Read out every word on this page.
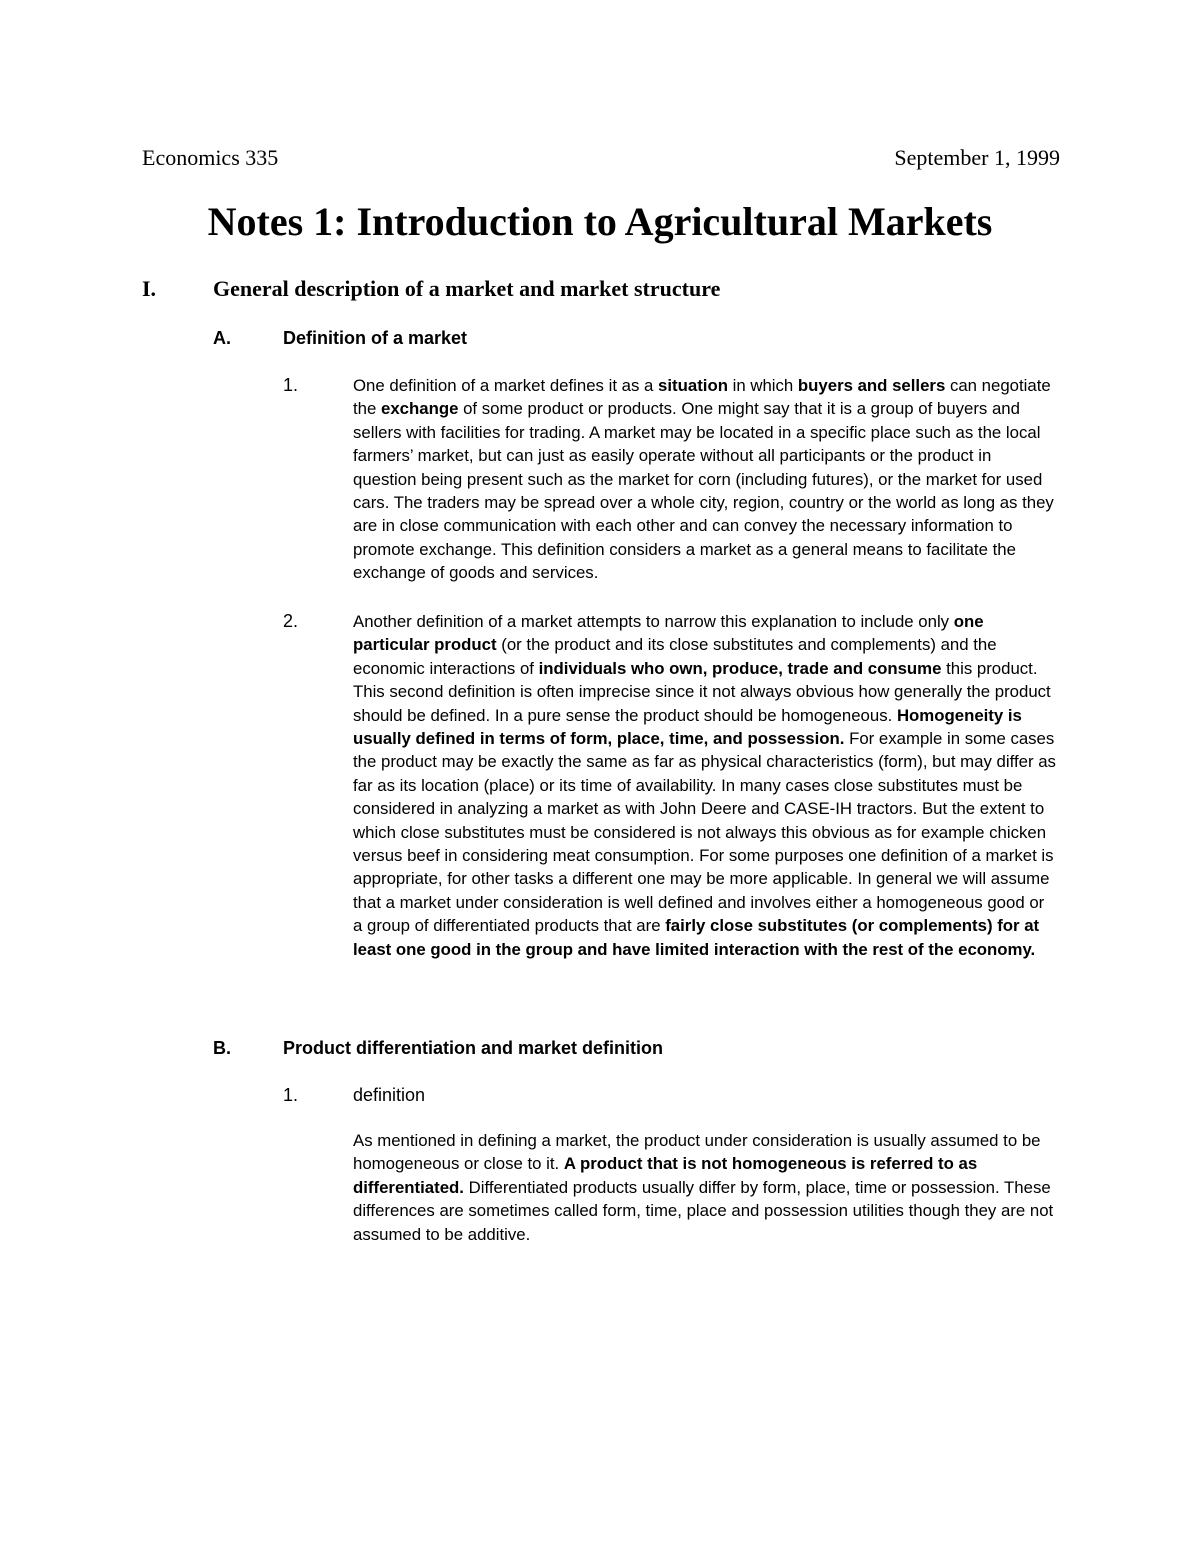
Economics 335	September 1, 1999
Notes 1: Introduction to Agricultural Markets
I.	General description of a market and market structure
A.	Definition of a market
1.	One definition of a market defines it as a situation in which buyers and sellers can negotiate the exchange of some product or products. One might say that it is a group of buyers and sellers with facilities for trading. A market may be located in a specific place such as the local farmers’ market, but can just as easily operate without all participants or the product in question being present such as the market for corn (including futures), or the market for used cars. The traders may be spread over a whole city, region, country or the world as long as they are in close communication with each other and can convey the necessary information to promote exchange. This definition considers a market as a general means to facilitate the exchange of goods and services.
2.	Another definition of a market attempts to narrow this explanation to include only one particular product (or the product and its close substitutes and complements) and the economic interactions of individuals who own, produce, trade and consume this product. This second definition is often imprecise since it not always obvious how generally the product should be defined. In a pure sense the product should be homogeneous. Homogeneity is usually defined in terms of form, place, time, and possession. For example in some cases the product may be exactly the same as far as physical characteristics (form), but may differ as far as its location (place) or its time of availability. In many cases close substitutes must be considered in analyzing a market as with John Deere and CASE-IH tractors. But the extent to which close substitutes must be considered is not always this obvious as for example chicken versus beef in considering meat consumption. For some purposes one definition of a market is appropriate, for other tasks a different one may be more applicable. In general we will assume that a market under consideration is well defined and involves either a homogeneous good or a group of differentiated products that are fairly close substitutes (or complements) for at least one good in the group and have limited interaction with the rest of the economy.
B.	Product differentiation and market definition
1.	definition
As mentioned in defining a market, the product under consideration is usually assumed to be homogeneous or close to it. A product that is not homogeneous is referred to as differentiated. Differentiated products usually differ by form, place, time or possession. These differences are sometimes called form, time, place and possession utilities though they are not assumed to be additive.
